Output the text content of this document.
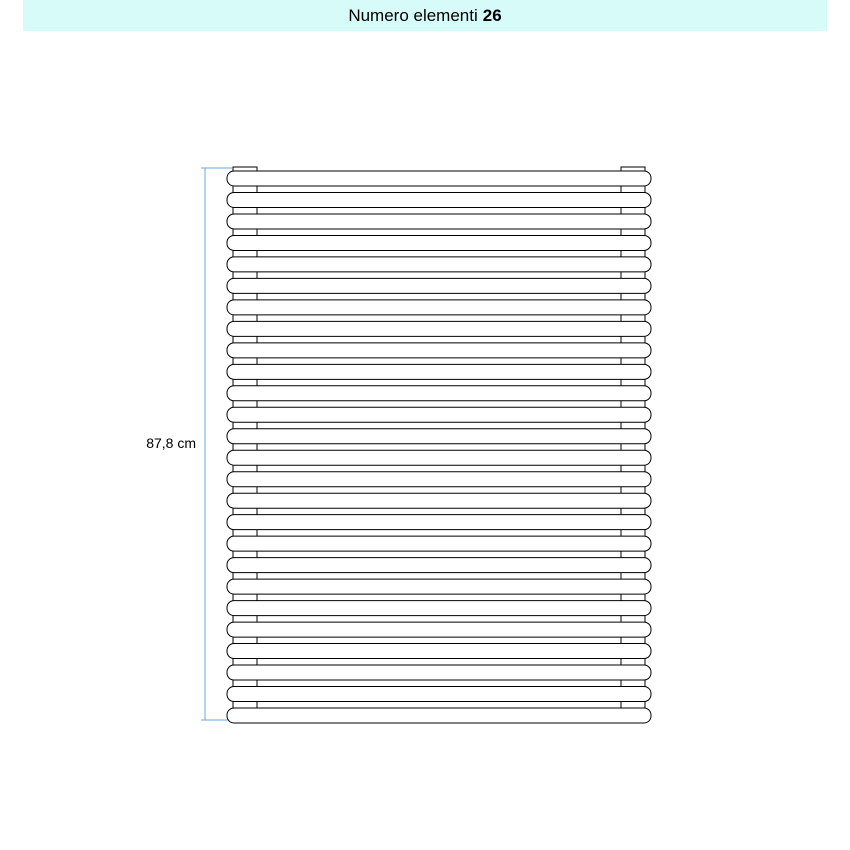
Numero elementi 26
87,8 cm
